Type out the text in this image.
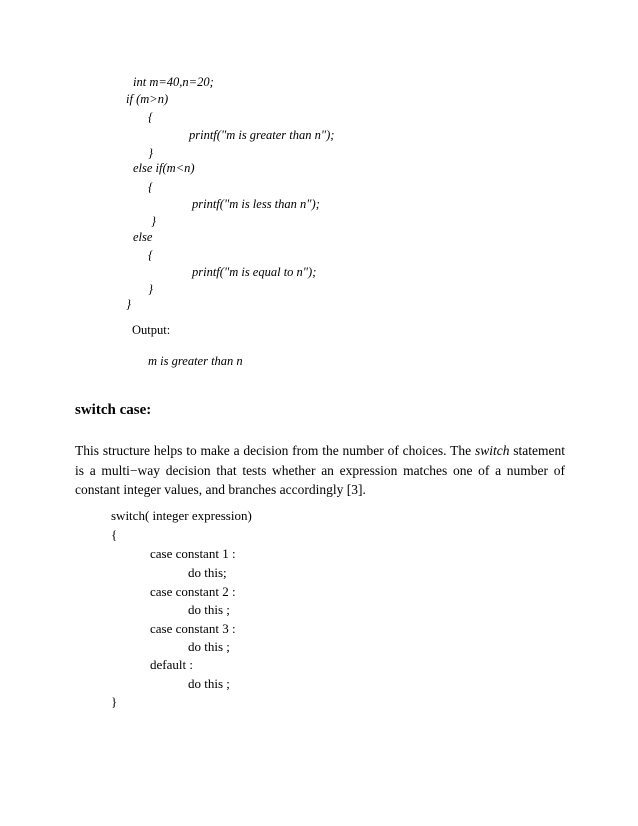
int m=40,n=20;
if (m>n)
{
printf("m is greater than n");
}
else if(m<n)
{
printf("m is less than n");
}
else
{
printf("m is equal to n");
}
}
Output:
m is greater than n
switch case:
This structure helps to make a decision from the number of choices. The switch statement is a multi−way decision that tests whether an expression matches one of a number of constant integer values, and branches accordingly [3].
switch( integer expression)
{
case constant 1 :
do this;
case constant 2 :
do this ;
case constant 3 :
do this ;
default :
do this ;
}
